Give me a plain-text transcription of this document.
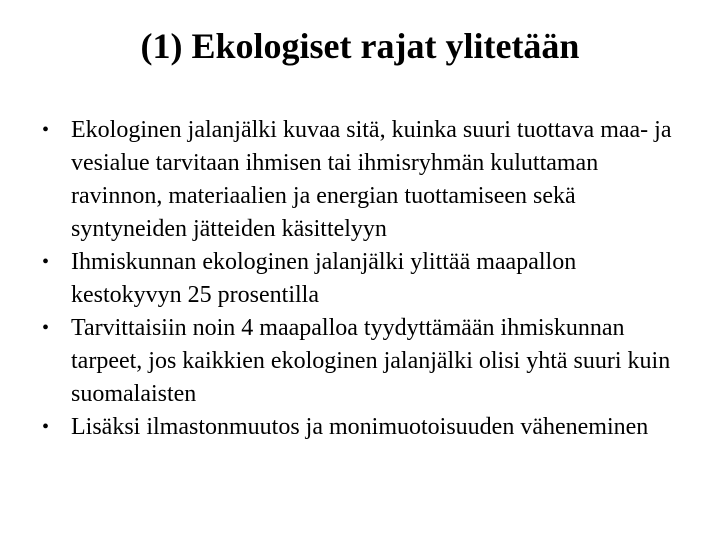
(1) Ekologiset rajat ylitetään
• Ekologinen jalanjälki kuvaa sitä, kuinka suuri tuottava maa- ja vesialue tarvitaan ihmisen tai ihmisryhmän kuluttaman ravinnon, materiaalien ja energian tuottamiseen sekä syntyneiden jätteiden käsittelyyn
• Ihmiskunnan ekologinen jalanjälki ylittää maapallon kestokyvyn 25 prosentilla
• Tarvittaisiin noin 4 maapalloa tyydyttämään ihmiskunnan tarpeet, jos kaikkien ekologinen jalanjälki olisi yhtä suuri kuin suomalaisten
• Lisäksi ilmastonmuutos ja monimuotoisuuden väheneminen
